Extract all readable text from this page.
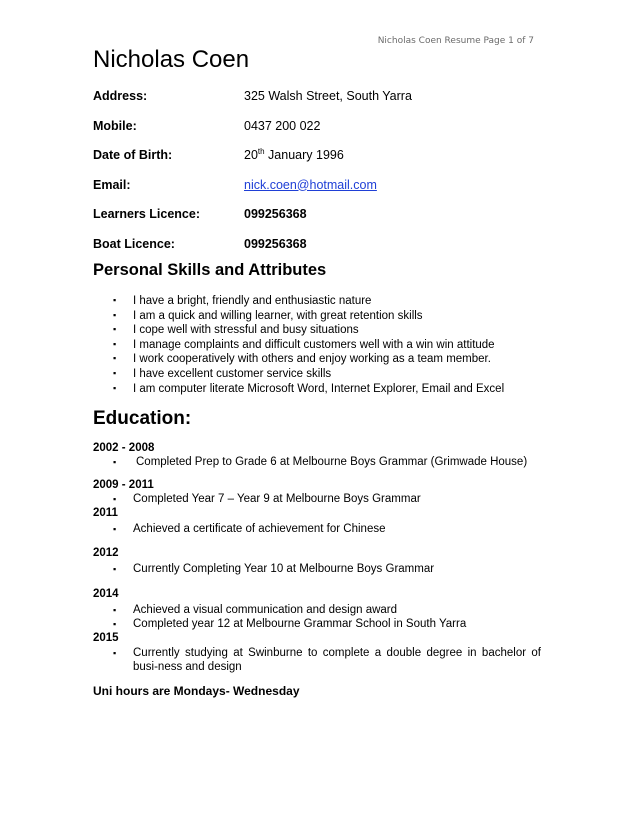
Nicholas Coen Resume Page 1 of 7
Nicholas Coen
Address:	325 Walsh Street, South Yarra
Mobile:	0437 200 022
Date of Birth:	20th January 1996
Email:	nick.coen@hotmail.com
Learners Licence:	099256368
Boat Licence:	099256368
Personal Skills and Attributes
▪ I have a bright, friendly and enthusiastic nature
▪ I am a quick and willing learner, with great retention skills
▪ I cope well with stressful and busy situations
▪ I manage complaints and difficult customers well with a win win attitude
▪ I work cooperatively with others and enjoy working as a team member.
▪ I have excellent customer service skills
▪ I am computer literate Microsoft Word, Internet Explorer, Email and Excel
Education:
2002 - 2008
▪ Completed Prep to Grade 6 at Melbourne Boys Grammar (Grimwade House)
2009 - 2011
▪ Completed Year 7 – Year 9 at Melbourne Boys Grammar
2011
▪ Achieved a certificate of achievement for Chinese
2012
▪ Currently Completing Year 10 at Melbourne Boys Grammar
2014
▪ Achieved a visual communication and design award
▪ Completed year 12 at Melbourne Grammar School in South Yarra
2015
▪ Currently studying at Swinburne to complete a double degree in bachelor of busi-ness and design
Uni hours are Mondays- Wednesday
